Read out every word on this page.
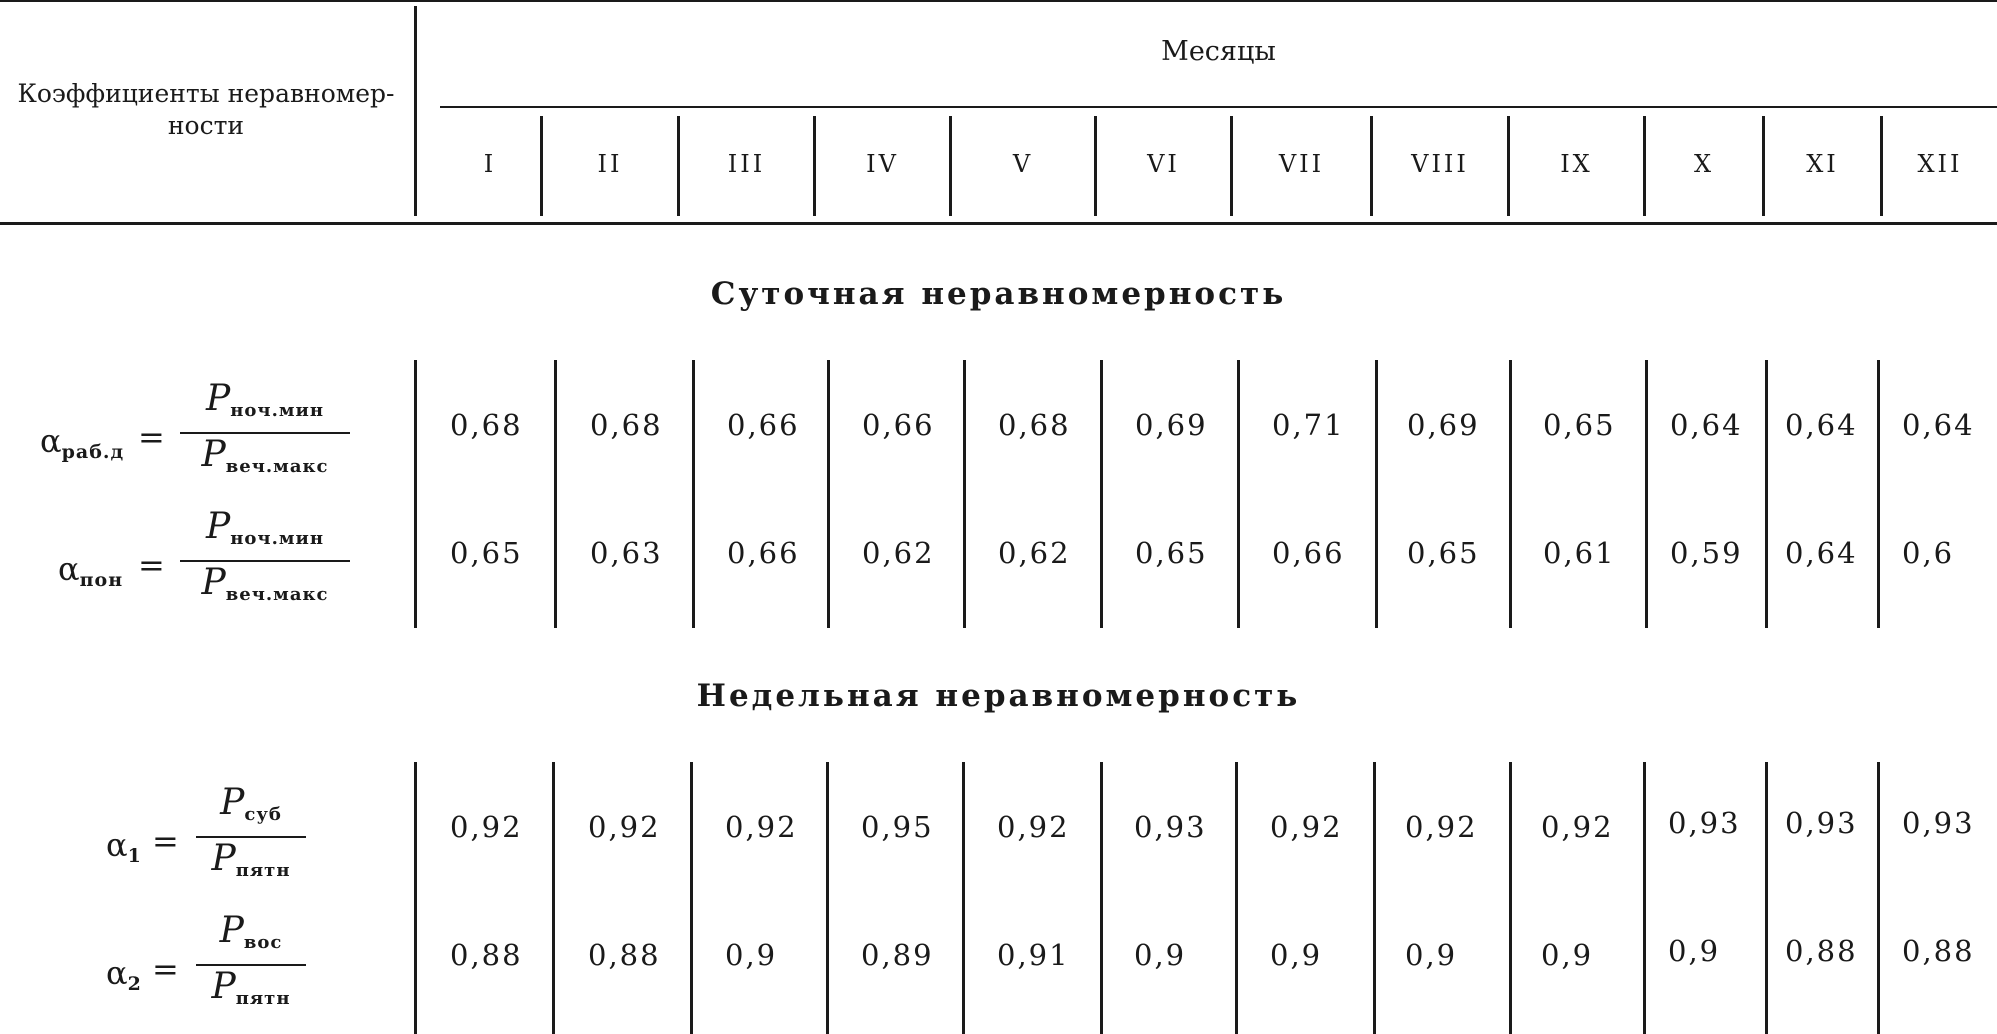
Коэффициенты неравномер-
ности
Месяцы
I	II	III	IV	V	VI	VII	VIII	IX	X	XI	XII
Суточная неравномерность
$\alpha_{раб.д}$ =
$P_{ноч.мин}$
$P_{веч.макс}$
0,68 0,68 0,66 0,66 0,68 0,69 0,71 0,69 0,65 0,64 0,64 0,64
$\alpha_{пон}$ =
$P_{ноч.мин}$
$P_{веч.макс}$
0,65 0,63 0,66 0,62 0,62 0,65 0,66 0,65 0,61 0,59 0,64 0,6
Недельная неравномерность
$\alpha_1$ =
$P_{суб}$
$P_{пятн}$
0,92 0,92 0,92 0,95 0,92 0,93 0,92 0,92 0,92 0,93 0,93 0,93
$\alpha_2$ =
$P_{вос}$
$P_{пятн}$
0,88 0,88 0,9	0,89 0,91 0,9	0,9	0,9	0,9	0,9 0,88 0,88
